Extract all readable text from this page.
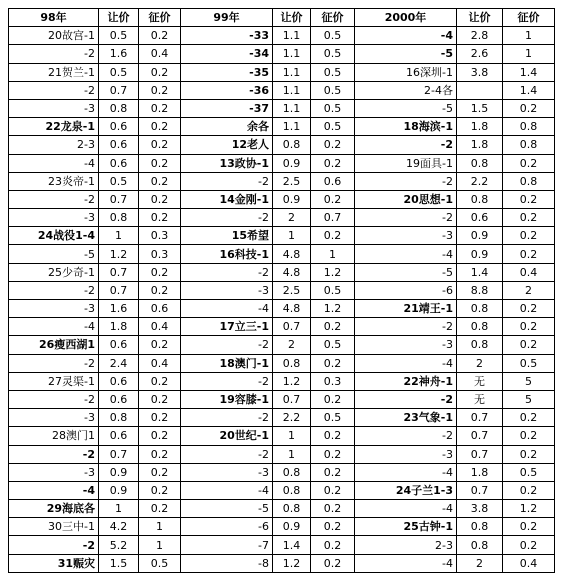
98年	让价	征价	99年	让价	征价	2000年	让价	征价
20故宫-1	0.5	0.2	-33	1.1	0.5	-4	2.8	1
-2	1.6	0.4	-34	1.1	0.5	-5	2.6	1
21贺兰-1	0.5	0.2	-35	1.1	0.5	16深圳-1	3.8	1.4
-2	0.7	0.2	-36	1.1	0.5	2-4各		1.4
-3	0.8	0.2	-37	1.1	0.5	-5	1.5	0.2
22龙泉-1	0.6	0.2	余各	1.1	0.5	18海滨-1	1.8	0.8
2-3	0.6	0.2	12老人	0.8	0.2	-2	1.8	0.8
-4	0.6	0.2	13政协-1	0.9	0.2	19面具-1	0.8	0.2
23炎帝-1	0.5	0.2	-2	2.5	0.6	-2	2.2	0.8
-2	0.7	0.2	14金刚-1	0.9	0.2	20思想-1	0.8	0.2
-3	0.8	0.2	-2	2	0.7	-2	0.6	0.2
24战役1-4	1	0.3	15希望	1	0.2	-3	0.9	0.2
-5	1.2	0.3	16科技-1	4.8	1	-4	0.9	0.2
25少奇-1	0.7	0.2	-2	4.8	1.2	-5	1.4	0.4
-2	0.7	0.2	-3	2.5	0.5	-6	8.8	2
-3	1.6	0.6	-4	4.8	1.2	21靖王-1	0.8	0.2
-4	1.8	0.4	17立三-1	0.7	0.2	-2	0.8	0.2
26瘦西湖1	0.6	0.2	-2	2	0.5	-3	0.8	0.2
-2	2.4	0.4	18澳门-1	0.8	0.2	-4	2	0.5
27灵渠-1	0.6	0.2	-2	1.2	0.3	22神舟-1	无	5
-2	0.6	0.2	19容膝-1	0.7	0.2	-2	无	5
-3	0.8	0.2	-2	2.2	0.5	23气象-1	0.7	0.2
28澳门1	0.6	0.2	20世纪-1	1	0.2	-2	0.7	0.2
-2	0.7	0.2	-2	1	0.2	-3	0.7	0.2
-3	0.9	0.2	-3	0.8	0.2	-4	1.8	0.5
-4	0.9	0.2	-4	0.8	0.2	24子兰1-3	0.7	0.2
29海底各	1	0.2	-5	0.8	0.2	-4	3.8	1.2
30三中-1	4.2	1	-6	0.9	0.2	25古钟-1	0.8	0.2
-2	5.2	1	-7	1.4	0.2	2-3	0.8	0.2
31赈灾	1.5	0.5	-8	1.2	0.2	-4	2	0.4
